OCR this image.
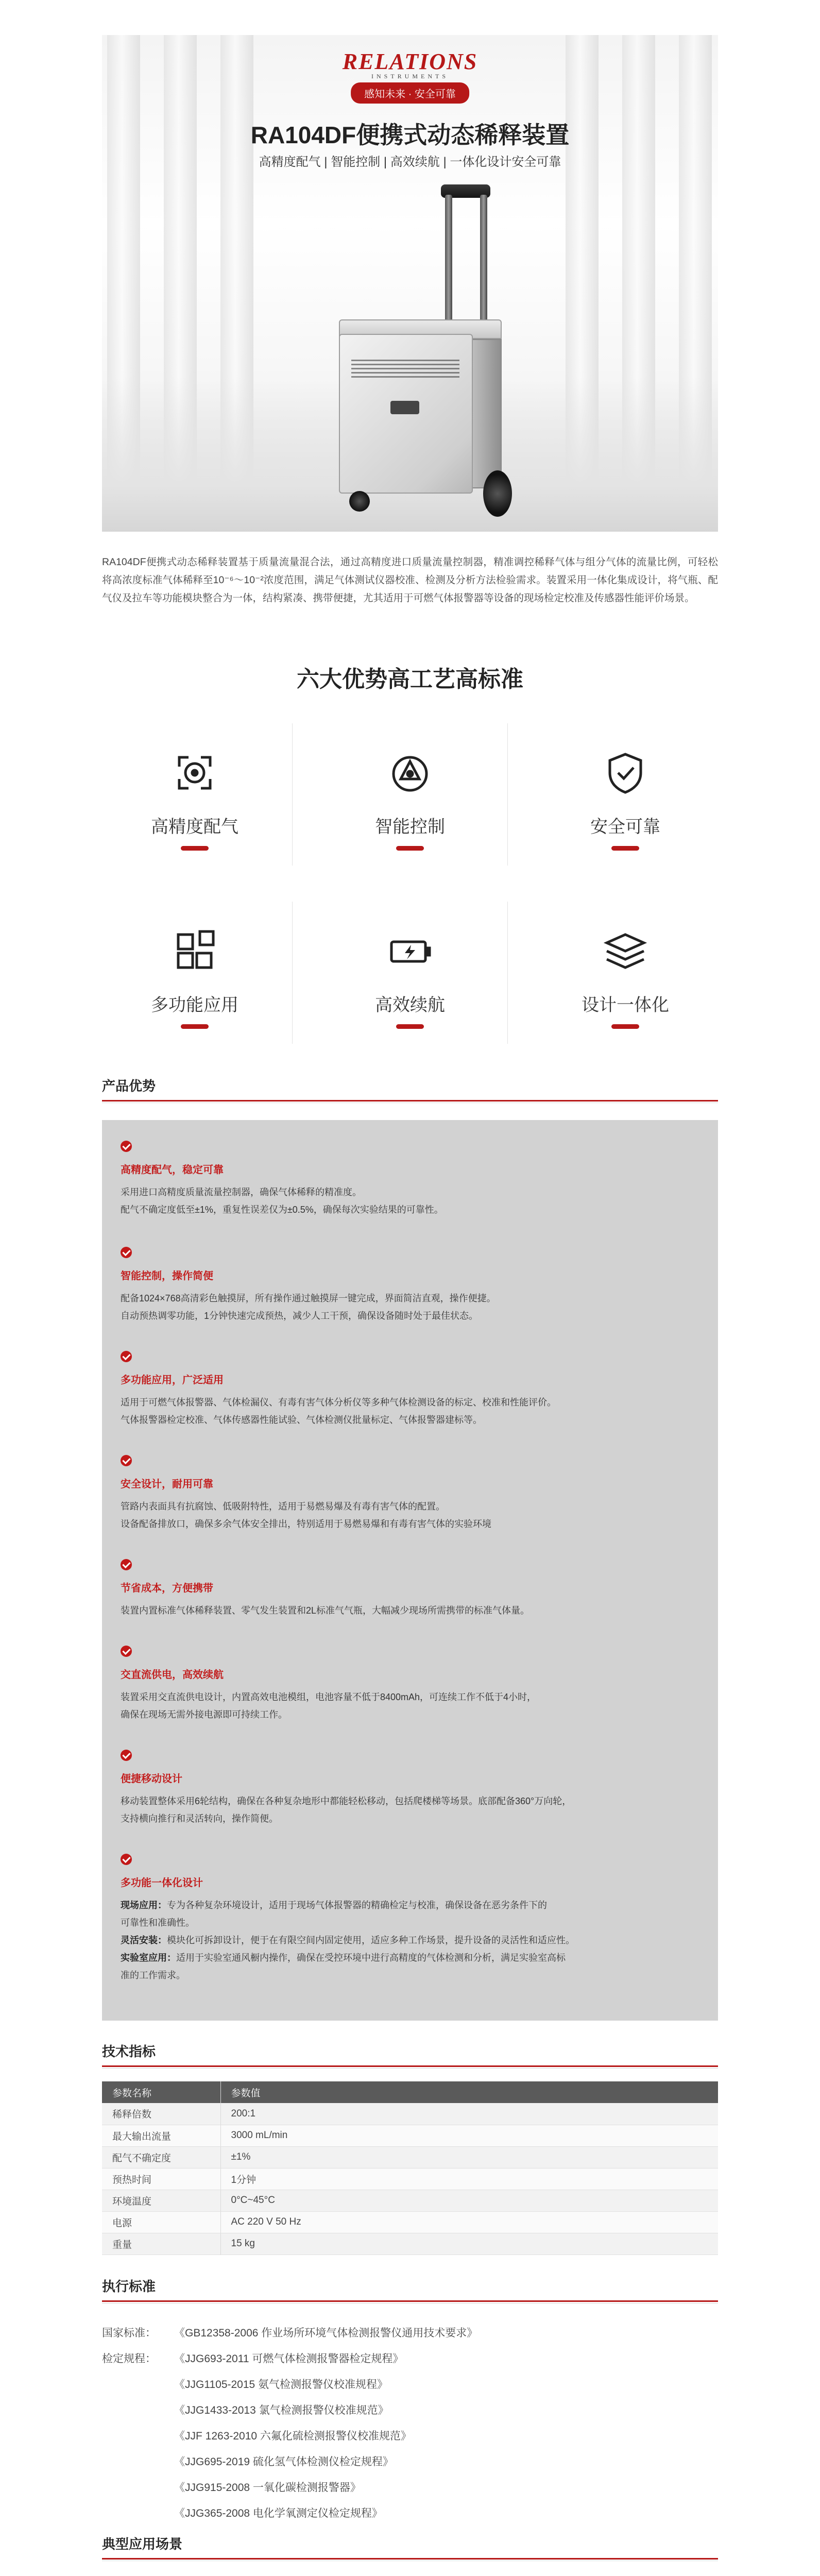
RELATIONS
INSTRUMENTS
感知未来 · 安全可靠
RA104DF便携式动态稀释装置
高精度配气 | 智能控制 | 高效续航 | 一体化设计安全可靠
RA104DF便携式动态稀释装置基于质量流量混合法，通过高精度进口质量流量控制器，精准调控稀释气体与组分气体的流量比例，可轻松将高浓度标准气体稀释至10⁻⁶～10⁻²浓度范围，满足气体测试仪器校准、检测及分析方法检验需求。装置采用一体化集成设计，将气瓶、配气仪及拉车等功能模块整合为一体，结构紧凑、携带便捷，尤其适用于可燃气体报警器等设备的现场检定校准及传感器性能评价场景。
六大优势高工艺高标准
高精度配气	智能控制	安全可靠
多功能应用	高效续航	设计一体化
产品优势
高精度配气，稳定可靠
采用进口高精度质量流量控制器，确保气体稀释的精准度。
配气不确定度低至±1%，重复性误差仅为±0.5%，确保每次实验结果的可靠性。
智能控制，操作简便
配备1024×768高清彩色触摸屏，所有操作通过触摸屏一键完成，界面简洁直观，操作便捷。
自动预热调零功能，1分钟快速完成预热，减少人工干预，确保设备随时处于最佳状态。
多功能应用，广泛适用
适用于可燃气体报警器、气体检漏仪、有毒有害气体分析仪等多种气体检测设备的标定、校准和性能评价。
气体报警器检定校准、气体传感器性能试验、气体检测仪批量标定、气体报警器建标等。
安全设计，耐用可靠
管路内表面具有抗腐蚀、低吸附特性，适用于易燃易爆及有毒有害气体的配置。
设备配备排放口，确保多余气体安全排出，特别适用于易燃易爆和有毒有害气体的实验环境
节省成本，方便携带
装置内置标准气体稀释装置、零气发生装置和2L标准气气瓶，大幅减少现场所需携带的标准气体量。
交直流供电，高效续航
装置采用交直流供电设计，内置高效电池模组，电池容量不低于8400mAh，可连续工作不低于4小时，
确保在现场无需外接电源即可持续工作。
便捷移动设计
移动装置整体采用6轮结构，确保在各种复杂地形中都能轻松移动，包括爬楼梯等场景。底部配备360°万向轮，
支持横向推行和灵活转向，操作简便。
多功能一体化设计
现场应用：专为各种复杂环境设计，适用于现场气体报警器的精确检定与校准，确保设备在恶劣条件下的
可靠性和准确性。
灵活安装：模块化可拆卸设计，便于在有限空间内固定使用，适应多种工作场景，提升设备的灵活性和适应性。
实验室应用：适用于实验室通风橱内操作，确保在受控环境中进行高精度的气体检测和分析，满足实验室高标
准的工作需求。
技术指标
参数名称	参数值
稀释倍数	200:1
最大输出流量	3000 mL/min
配气不确定度	±1%
预热时间	1分钟
环境温度	0°C~45°C
电源	AC 220 V 50 Hz
重量	15 kg
执行标准
国家标准：	《GB12358-2006 作业场所环境气体检测报警仪通用技术要求》
检定规程：	《JJG693-2011 可燃气体检测报警器检定规程》
《JJG1105-2015 氨气检测报警仪校准规程》
《JJG1433-2013 氯气检测报警仪校准规范》
《JJF 1263-2010 六氟化硫检测报警仪校准规范》
《JJG695-2019 硫化氢气体检测仪检定规程》
《JJG915-2008 一氧化碳检测报警器》
《JJG365-2008 电化学氧测定仪检定规程》
典型应用场景
